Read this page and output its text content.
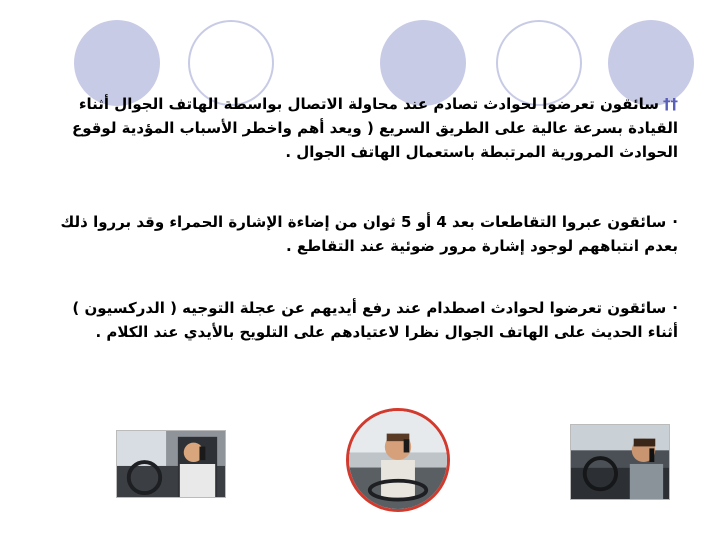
††سائقون تعرضوا لحوادث تصادم عند محاولة الاتصال بواسطة الهاتف الجوال أثناء القيادة بسرعة عالية على الطريق السريع ( ويعد أهم واخطر الأسباب المؤدية لوقوع الحوادث المرورية المرتبطة باستعمال الهاتف الجوال .

·سائقون عبروا التقاطعات بعد 4 أو 5 ثوان من إضاءة الإشارة الحمراء وقد برروا ذلك بعدم انتباههم لوجود إشارة مرور ضوئية عند التقاطع .

·سائقون تعرضوا لحوادث اصطدام عند رفع أيديهم عن عجلة التوجيه ( الدركسيون ) أثناء الحديث على الهاتف الجوال نظرا لاعتيادهم على التلويح بالأيدي عند الكلام .
